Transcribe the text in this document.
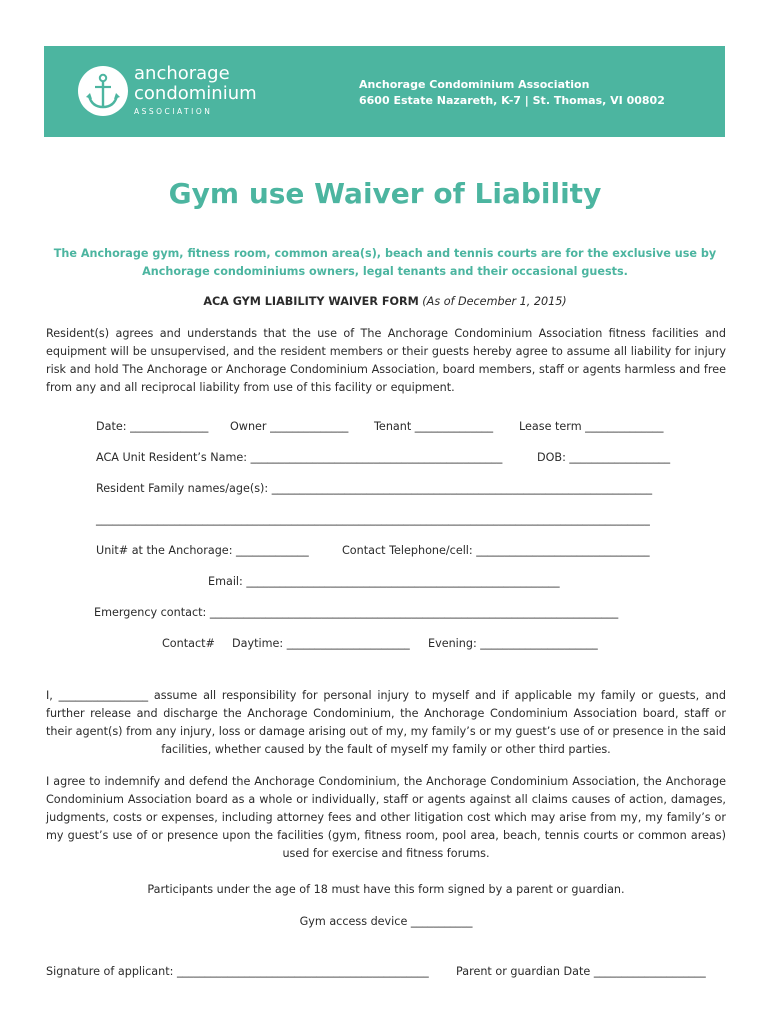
anchorage
condominium
ASSOCIATION
Anchorage Condominium Association
6600 Estate Nazareth, K-7 | St. Thomas, VI 00802
Gym use Waiver of Liability
The Anchorage gym, fitness room, common area(s), beach and tennis courts are for the exclusive use by Anchorage condominiums owners, legal tenants and their occasional guests.
ACA GYM LIABILITY WAIVER FORM (As of December 1, 2015)
Resident(s) agrees and understands that the use of The Anchorage Condominium Association fitness facilities and equipment will be unsupervised, and the resident members or their guests hereby agree to assume all liability for injury risk and hold The Anchorage or Anchorage Condominium Association, board members, staff or agents harmless and free from any and all reciprocal liability from use of this facility or equipment.
Date: ______________ Owner ______________ Tenant ______________ Lease term ______________
ACA Unit Resident’s Name: _____________________________________________	DOB: __________________
Resident Family names/age(s): ____________________________________________________________________
___________________________________________________________________________________________________
Unit# at the Anchorage: _____________	Contact Telephone/cell: _______________________________
Email: ________________________________________________________
Emergency contact: _________________________________________________________________________
Contact# Daytime: ______________________ Evening: _____________________
I, ________________ assume all responsibility for personal injury to myself and if applicable my family or guests, and further release and discharge the Anchorage Condominium, the Anchorage Condominium Association board, staff or their agent(s) from any injury, loss or damage arising out of my, my family’s or my guest’s use of or presence in the said facilities, whether caused by the fault of myself my family or other third parties.
I agree to indemnify and defend the Anchorage Condominium, the Anchorage Condominium Association, the Anchorage Condominium Association board as a whole or individually, staff or agents against all claims causes of action, damages, judgments, costs or expenses, including attorney fees and other litigation cost which may arise from my, my family’s or my guest’s use of or presence upon the facilities (gym, fitness room, pool area, beach, tennis courts or common areas) used for exercise and fitness forums.
Participants under the age of 18 must have this form signed by a parent or guardian.
Gym access device ___________
Signature of applicant: _____________________________________________ Parent or guardian Date ____________________
